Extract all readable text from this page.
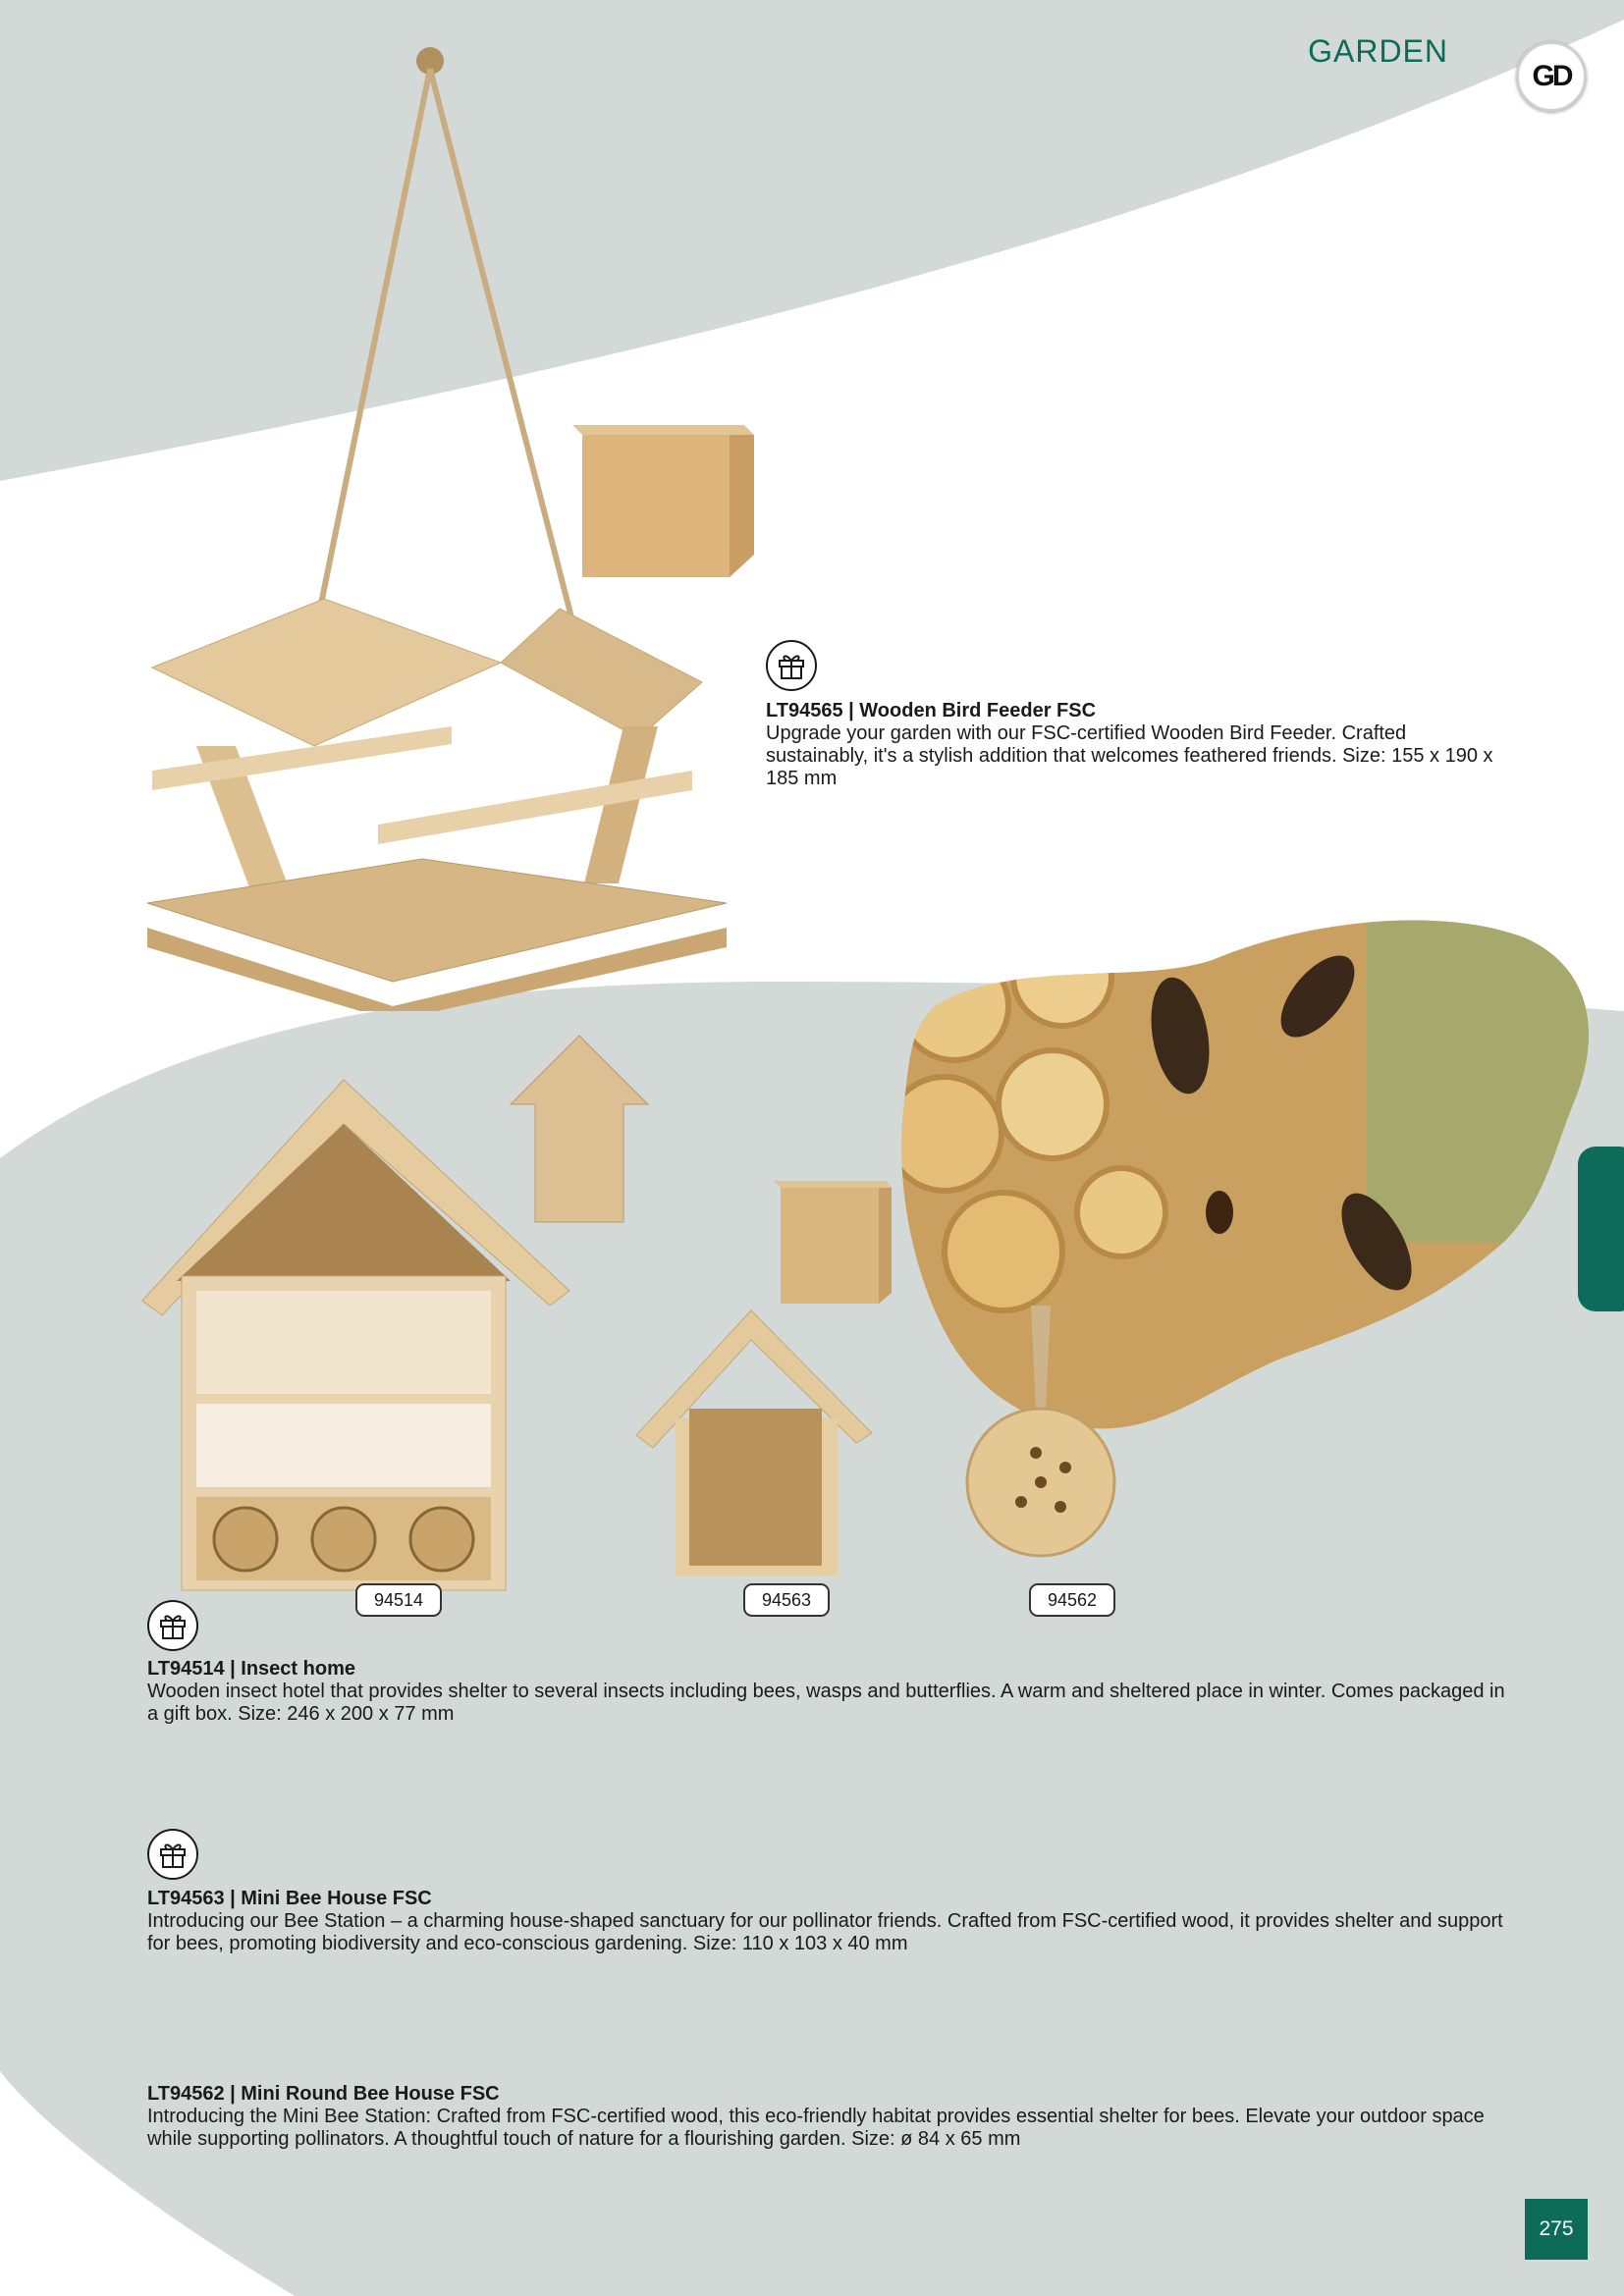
GARDEN
GD
94514	94563	94562
LT94565 | Wooden Bird Feeder FSC
Upgrade your garden with our FSC-certified Wooden Bird Feeder. Crafted sustainably, it's a stylish addition that welcomes feathered friends. Size: 155 x 190 x 185 mm
LT94514 | Insect home
Wooden insect hotel that provides shelter to several insects including bees, wasps and butterflies. A warm and sheltered place in winter. Comes packaged in a gift box. Size: 246 x 200 x 77 mm
LT94563 | Mini Bee House FSC
Introducing our Bee Station – a charming house-shaped sanctuary for our pollinator friends. Crafted from FSC-certified wood, it provides shelter and support for bees, promoting biodiversity and eco-conscious gardening. Size: 110 x 103 x 40 mm
LT94562 | Mini Round Bee House FSC
Introducing the Mini Bee Station: Crafted from FSC-certified wood, this eco-friendly habitat provides essential shelter for bees. Elevate your outdoor space while supporting pollinators. A thoughtful touch of nature for a flourishing garden. Size: ø 84 x 65 mm
275
